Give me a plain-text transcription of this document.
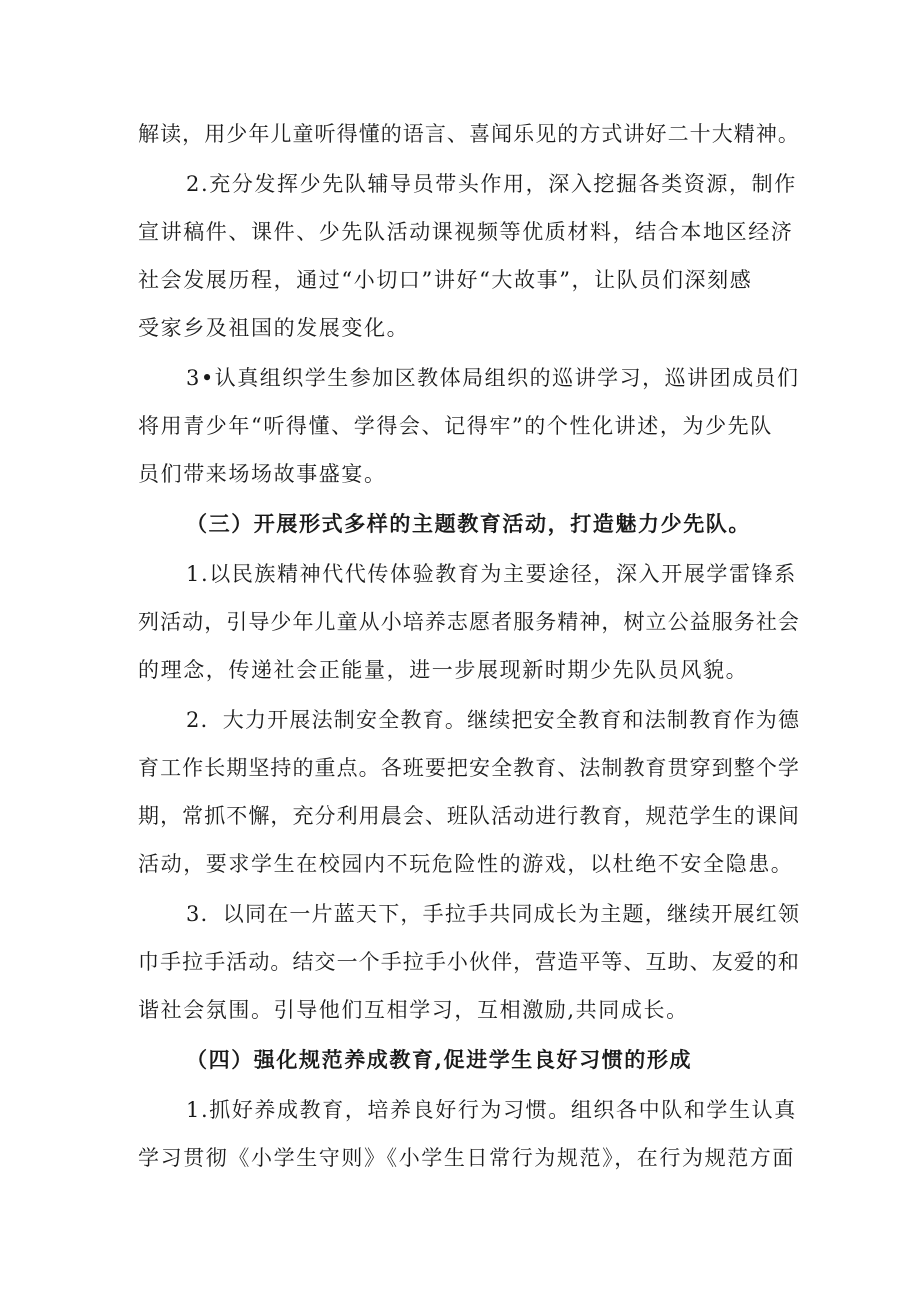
解读，用少年儿童听得懂的语言、喜闻乐见的方式讲好二十大精神。
2.充分发挥少先队辅导员带头作用，深入挖掘各类资源，制作
宣讲稿件、课件、少先队活动课视频等优质材料，结合本地区经济
社会发展历程，通过“小切口”讲好“大故事”，让队员们深刻感
受家乡及祖国的发展变化。
3•认真组织学生参加区教体局组织的巡讲学习，巡讲团成员们
将用青少年“听得懂、学得会、记得牢”的个性化讲述，为少先队
员们带来场场故事盛宴。
（三）开展形式多样的主题教育活动，打造魅力少先队。
1.以民族精神代代传体验教育为主要途径，深入开展学雷锋系
列活动，引导少年儿童从小培养志愿者服务精神，树立公益服务社会
的理念，传递社会正能量，进一步展现新时期少先队员风貌。
2．大力开展法制安全教育。继续把安全教育和法制教育作为德
育工作长期坚持的重点。各班要把安全教育、法制教育贯穿到整个学
期，常抓不懈，充分利用晨会、班队活动进行教育，规范学生的课间
活动，要求学生在校园内不玩危险性的游戏，以杜绝不安全隐患。
3．以同在一片蓝天下，手拉手共同成长为主题，继续开展红领
巾手拉手活动。结交一个手拉手小伙伴，营造平等、互助、友爱的和
谐社会氛围。引导他们互相学习，互相激励,共同成长。
（四）强化规范养成教育,促进学生良好习惯的形成
1.抓好养成教育，培养良好行为习惯。组织各中队和学生认真
学习贯彻《小学生守则》《小学生日常行为规范》，在行为规范方面
